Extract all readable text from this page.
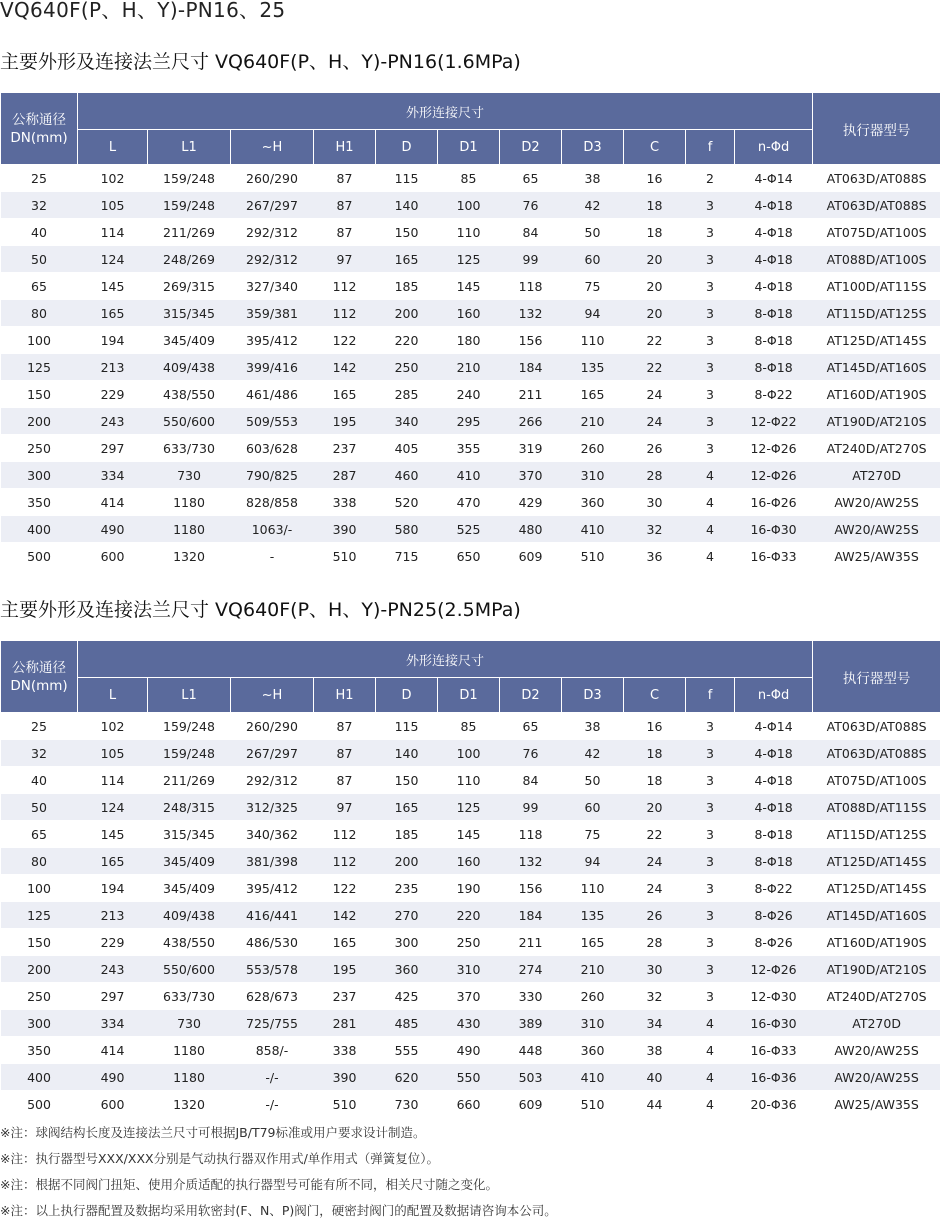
VQ640F(P、H、Y)-PN16、25
主要外形及连接法兰尺寸 VQ640F(P、H、Y)-PN16(1.6MPa)
公称通径
DN(mm)	外形连接尺寸											执行器型号
	L	L1	~H	H1	D	D1	D2	D3	C	f	n-Φd	
25	102	159/248	260/290	87	115	85	65	38	16	2	4-Φ14	AT063D/AT088S
32	105	159/248	267/297	87	140	100	76	42	18	3	4-Φ18	AT063D/AT088S
40	114	211/269	292/312	87	150	110	84	50	18	3	4-Φ18	AT075D/AT100S
50	124	248/269	292/312	97	165	125	99	60	20	3	4-Φ18	AT088D/AT100S
65	145	269/315	327/340	112	185	145	118	75	20	3	4-Φ18	AT100D/AT115S
80	165	315/345	359/381	112	200	160	132	94	20	3	8-Φ18	AT115D/AT125S
100	194	345/409	395/412	122	220	180	156	110	22	3	8-Φ18	AT125D/AT145S
125	213	409/438	399/416	142	250	210	184	135	22	3	8-Φ18	AT145D/AT160S
150	229	438/550	461/486	165	285	240	211	165	24	3	8-Φ22	AT160D/AT190S
200	243	550/600	509/553	195	340	295	266	210	24	3	12-Φ22	AT190D/AT210S
250	297	633/730	603/628	237	405	355	319	260	26	3	12-Φ26	AT240D/AT270S
300	334	730	790/825	287	460	410	370	310	28	4	12-Φ26	AT270D
350	414	1180	828/858	338	520	470	429	360	30	4	16-Φ26	AW20/AW25S
400	490	1180	1063/-	390	580	525	480	410	32	4	16-Φ30	AW20/AW25S
500	600	1320	-	510	715	650	609	510	36	4	16-Φ33	AW25/AW35S
主要外形及连接法兰尺寸 VQ640F(P、H、Y)-PN25(2.5MPa)
公称通径
DN(mm)	外形连接尺寸											执行器型号
	L	L1	~H	H1	D	D1	D2	D3	C	f	n-Φd	
25	102	159/248	260/290	87	115	85	65	38	16	3	4-Φ14	AT063D/AT088S
32	105	159/248	267/297	87	140	100	76	42	18	3	4-Φ18	AT063D/AT088S
40	114	211/269	292/312	87	150	110	84	50	18	3	4-Φ18	AT075D/AT100S
50	124	248/315	312/325	97	165	125	99	60	20	3	4-Φ18	AT088D/AT115S
65	145	315/345	340/362	112	185	145	118	75	22	3	8-Φ18	AT115D/AT125S
80	165	345/409	381/398	112	200	160	132	94	24	3	8-Φ18	AT125D/AT145S
100	194	345/409	395/412	122	235	190	156	110	24	3	8-Φ22	AT125D/AT145S
125	213	409/438	416/441	142	270	220	184	135	26	3	8-Φ26	AT145D/AT160S
150	229	438/550	486/530	165	300	250	211	165	28	3	8-Φ26	AT160D/AT190S
200	243	550/600	553/578	195	360	310	274	210	30	3	12-Φ26	AT190D/AT210S
250	297	633/730	628/673	237	425	370	330	260	32	3	12-Φ30	AT240D/AT270S
300	334	730	725/755	281	485	430	389	310	34	4	16-Φ30	AT270D
350	414	1180	858/-	338	555	490	448	360	38	4	16-Φ33	AW20/AW25S
400	490	1180	-/-	390	620	550	503	410	40	4	16-Φ36	AW20/AW25S
500	600	1320	-/-	510	730	660	609	510	44	4	20-Φ36	AW25/AW35S
※注：球阀结构长度及连接法兰尺寸可根据JB/T79标准或用户要求设计制造。
※注：执行器型号XXX/XXX分别是气动执行器双作用式/单作用式（弹簧复位）。
※注：根据不同阀门扭矩、使用介质适配的执行器型号可能有所不同，相关尺寸随之变化。
※注：以上执行器配置及数据均采用软密封(F、N、P)阀门，硬密封阀门的配置及数据请咨询本公司。
